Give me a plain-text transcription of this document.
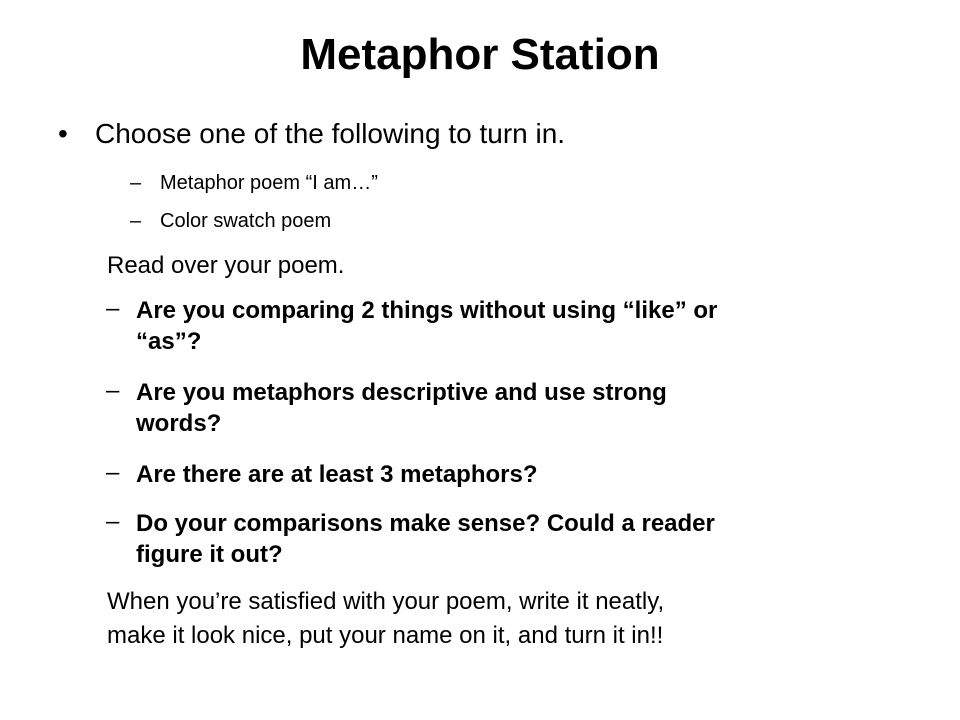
Metaphor Station
• Choose one of the following to turn in.
– Metaphor poem “I am…”
– Color swatch poem
Read over your poem.
– Are you comparing 2 things without using “like” or
“as”?
– Are you metaphors descriptive and use strong
words?
– Are there are at least 3 metaphors?
– Do your comparisons make sense? Could a reader
figure it out?
When you’re satisfied with your poem, write it neatly,
make it look nice, put your name on it, and turn it in!!
